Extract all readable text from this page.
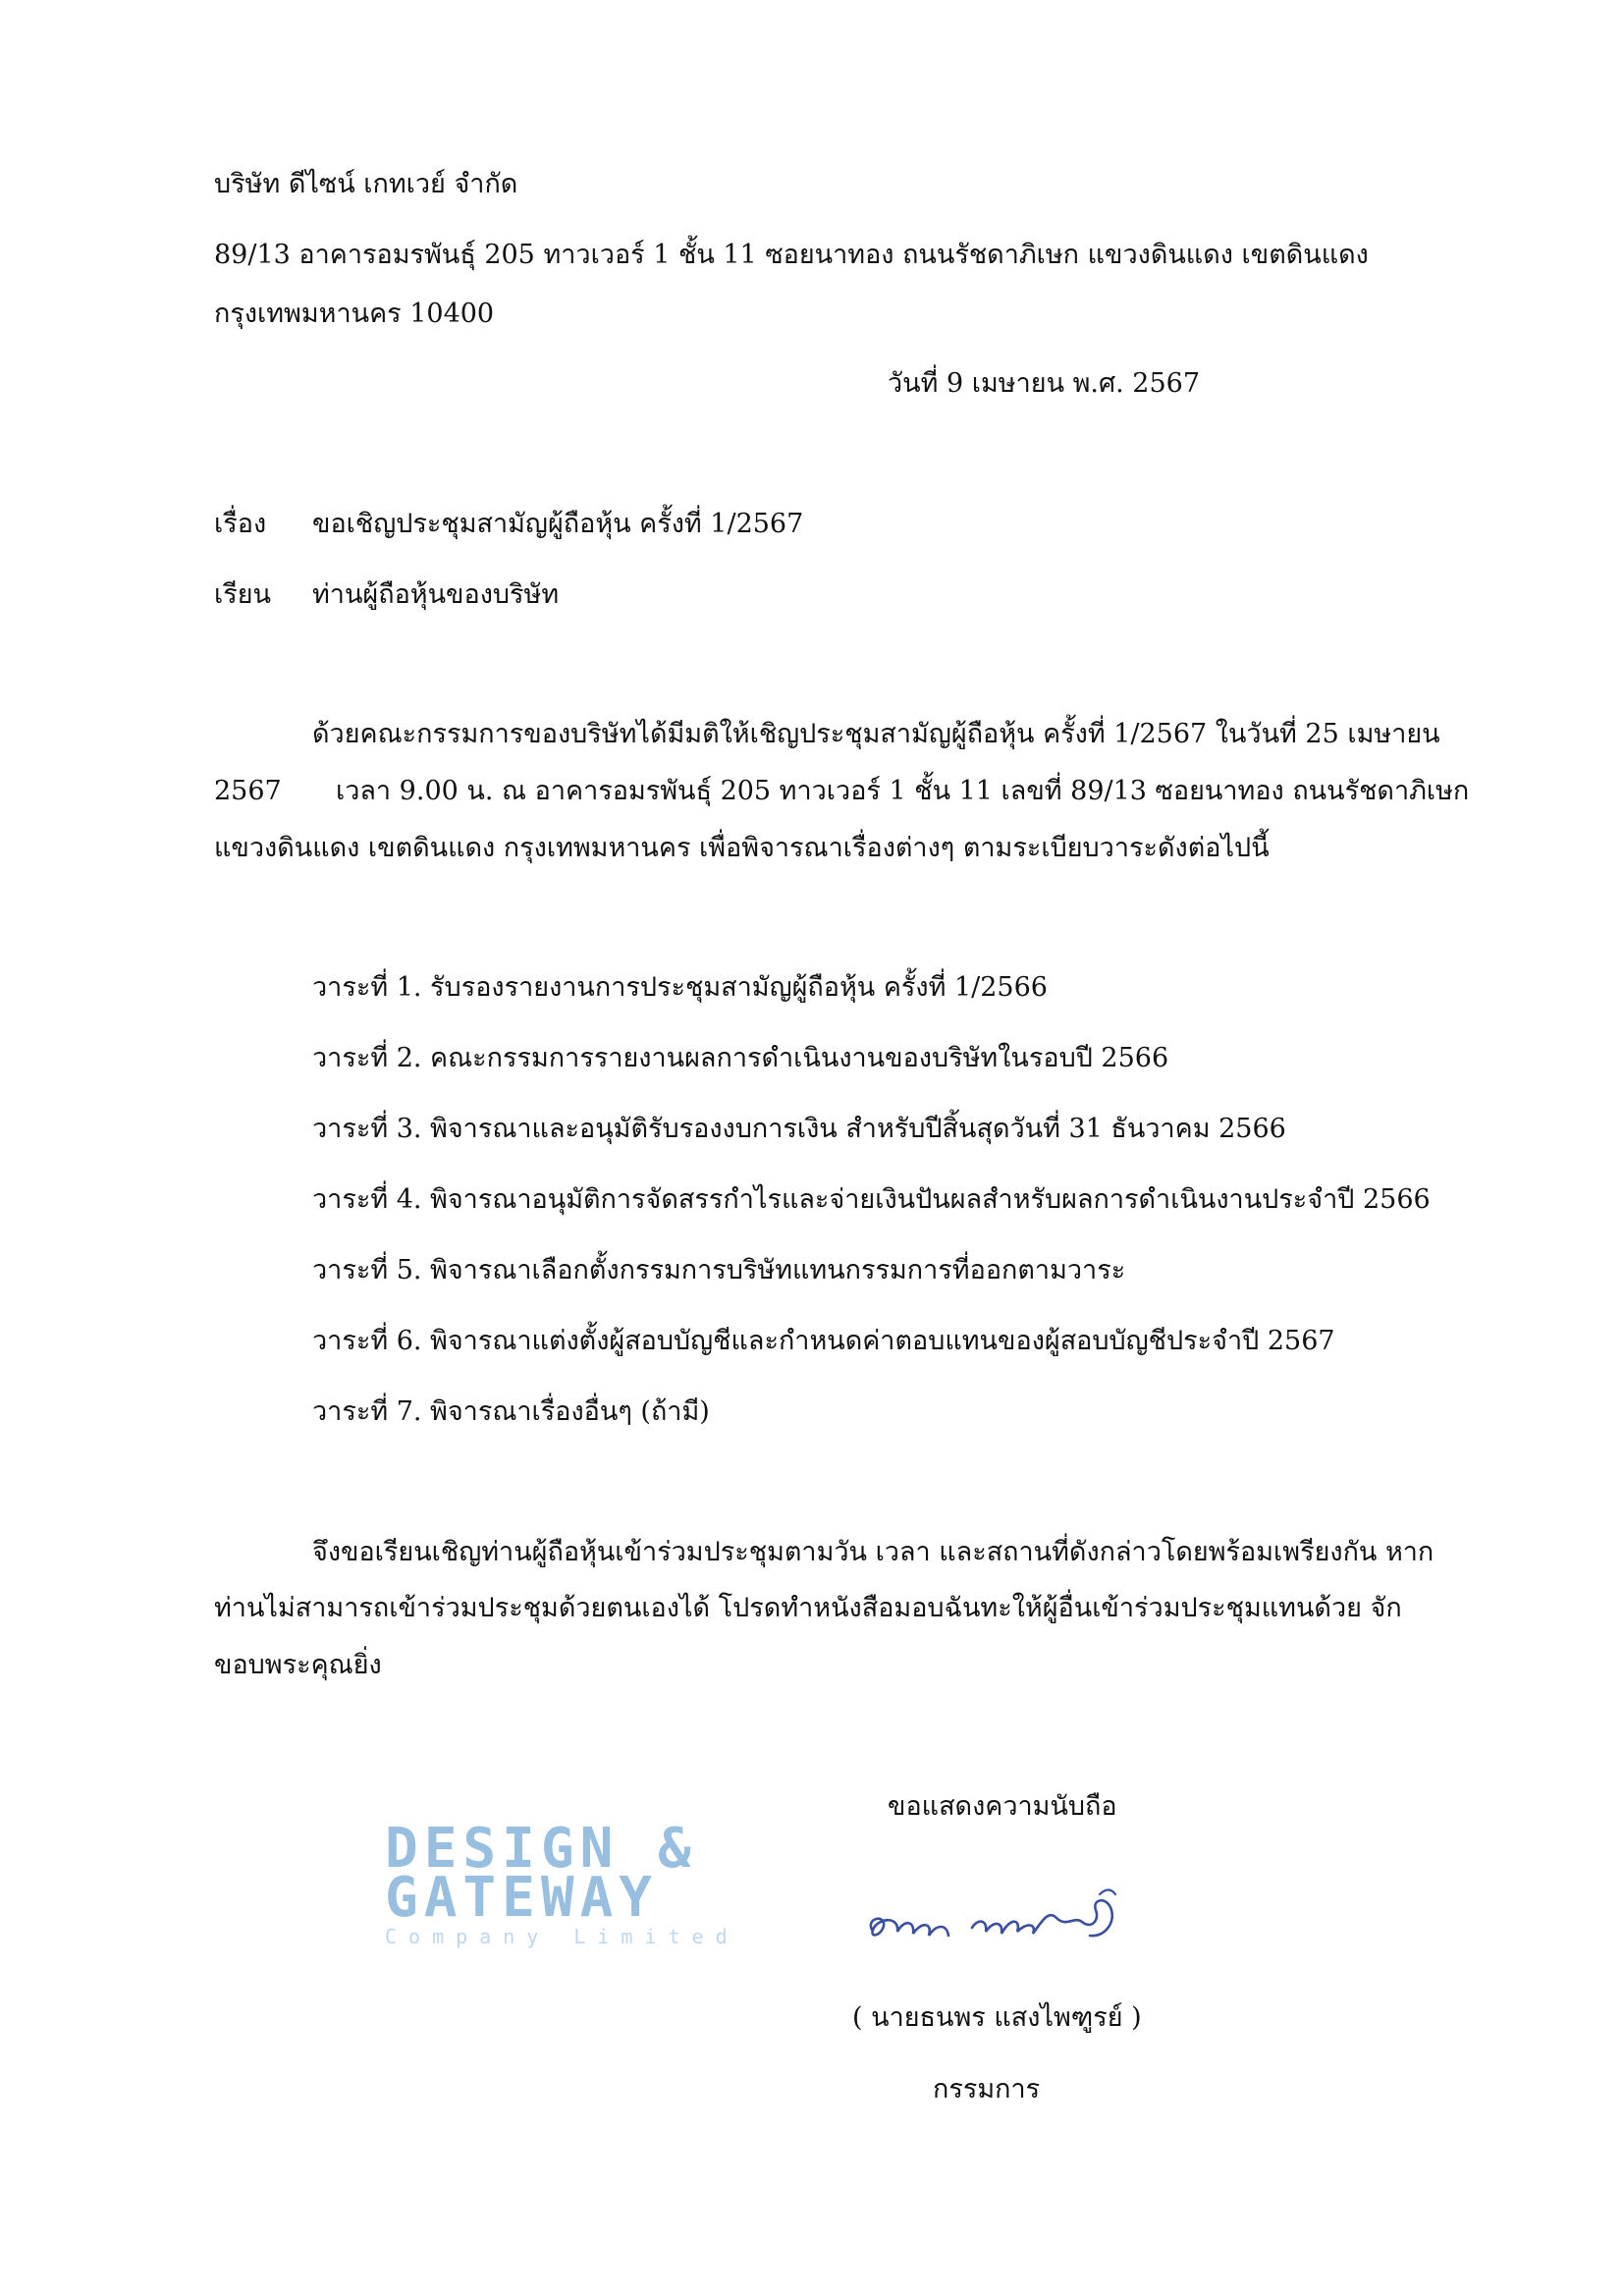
บริษัท ดีไซน์ เกทเวย์ จำกัด
89/13 อาคารอมรพันธุ์ 205 ทาวเวอร์ 1 ชั้น 11 ซอยนาทอง ถนนรัชดาภิเษก แขวงดินแดง เขตดินแดง
กรุงเทพมหานคร 10400
วันที่ 9 เมษายน พ.ศ. 2567
เรื่อง ขอเชิญประชุมสามัญผู้ถือหุ้น ครั้งที่ 1/2567
เรียน ท่านผู้ถือหุ้นของบริษัท
ด้วยคณะกรรมการของบริษัทได้มีมติให้เชิญประชุมสามัญผู้ถือหุ้น ครั้งที่ 1/2567 ในวันที่ 25 เมษายน
2567 เวลา 9.00 น. ณ อาคารอมรพันธุ์ 205 ทาวเวอร์ 1 ชั้น 11 เลขที่ 89/13 ซอยนาทอง ถนนรัชดาภิเษก
แขวงดินแดง เขตดินแดง กรุงเทพมหานคร เพื่อพิจารณาเรื่องต่างๆ ตามระเบียบวาระดังต่อไปนี้
วาระที่ 1. รับรองรายงานการประชุมสามัญผู้ถือหุ้น ครั้งที่ 1/2566
วาระที่ 2. คณะกรรมการรายงานผลการดำเนินงานของบริษัทในรอบปี 2566
วาระที่ 3. พิจารณาและอนุมัติรับรองงบการเงิน สำหรับปีสิ้นสุดวันที่ 31 ธันวาคม 2566
วาระที่ 4. พิจารณาอนุมัติการจัดสรรกำไรและจ่ายเงินปันผลสำหรับผลการดำเนินงานประจำปี 2566
วาระที่ 5. พิจารณาเลือกตั้งกรรมการบริษัทแทนกรรมการที่ออกตามวาระ
วาระที่ 6. พิจารณาแต่งตั้งผู้สอบบัญชีและกำหนดค่าตอบแทนของผู้สอบบัญชีประจำปี 2567
วาระที่ 7. พิจารณาเรื่องอื่นๆ (ถ้ามี)
จึงขอเรียนเชิญท่านผู้ถือหุ้นเข้าร่วมประชุมตามวัน เวลา และสถานที่ดังกล่าวโดยพร้อมเพรียงกัน หาก
ท่านไม่สามารถเข้าร่วมประชุมด้วยตนเองได้ โปรดทำหนังสือมอบฉันทะให้ผู้อื่นเข้าร่วมประชุมแทนด้วย จัก
ขอบพระคุณยิ่ง
ขอแสดงความนับถือ
DESIGN &
GATEWAY
Company Limited
( นายธนพร แสงไพฑูรย์ )
กรรมการ
